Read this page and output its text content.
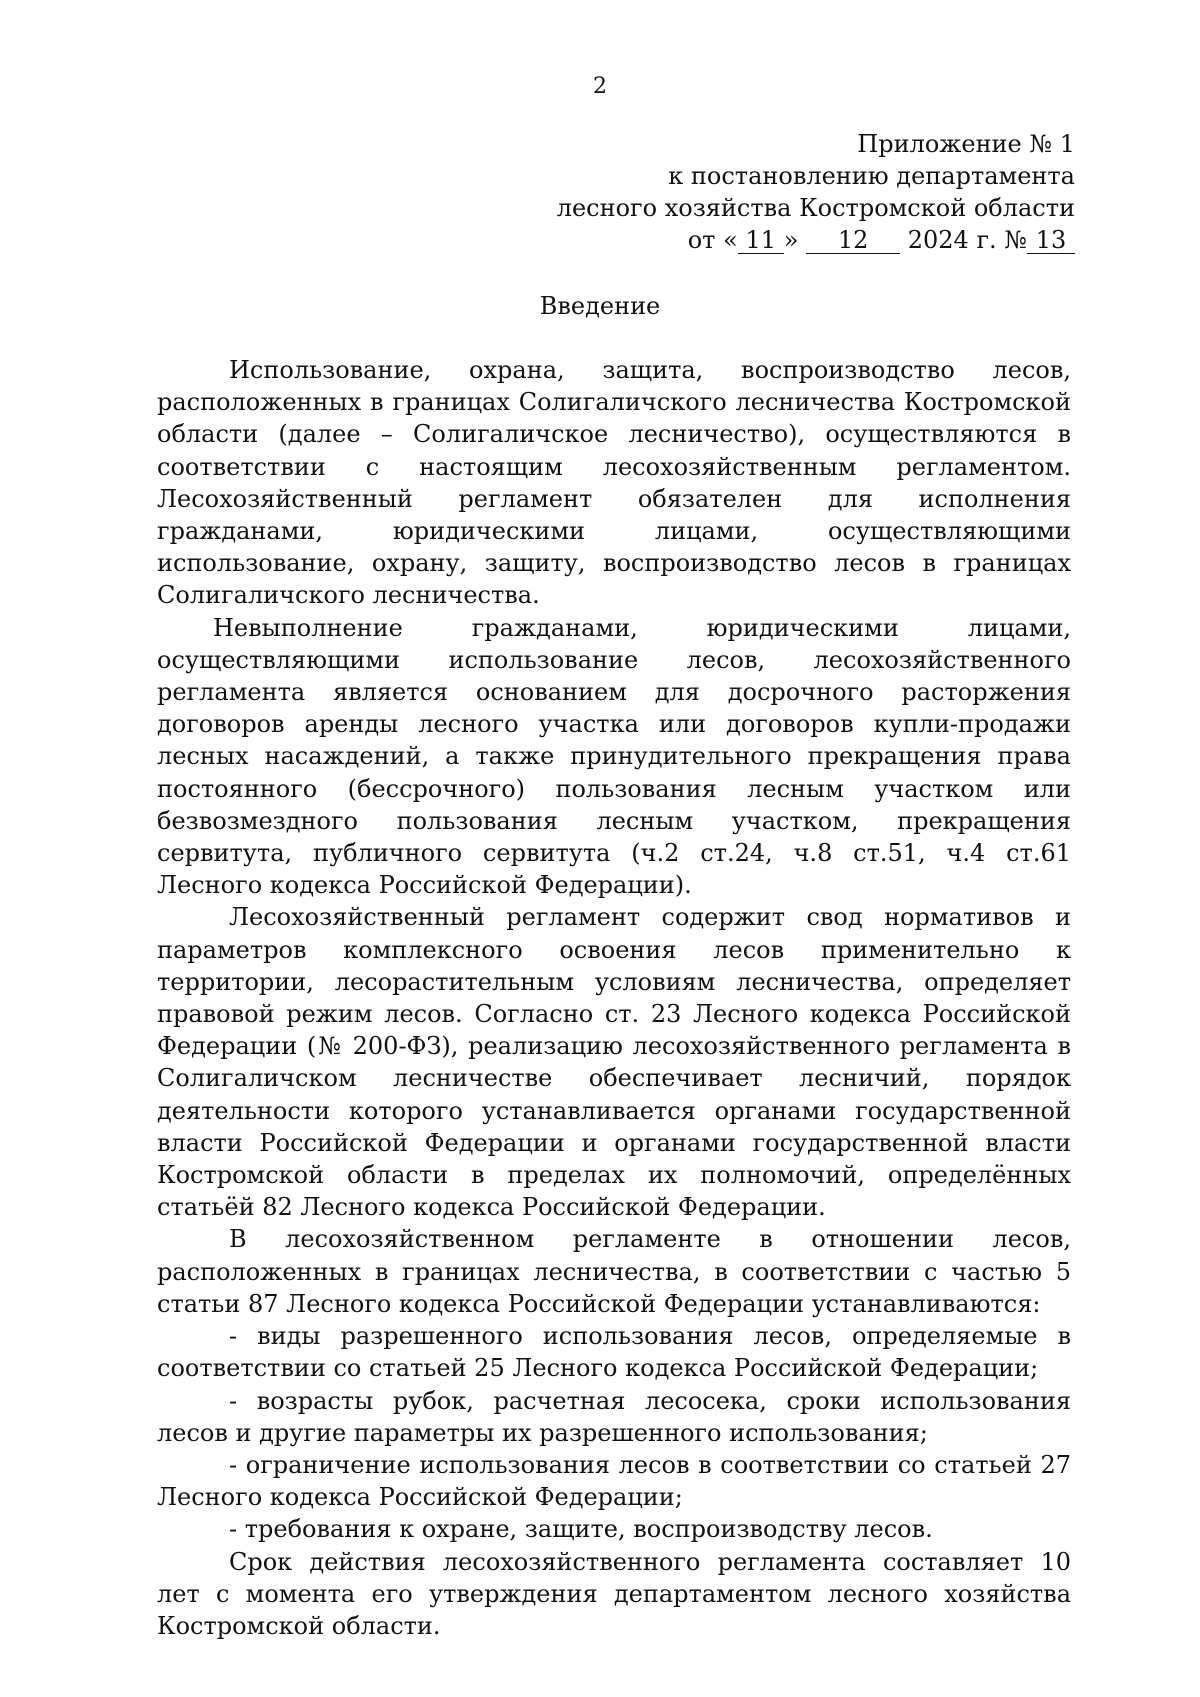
2
Приложение № 1
к постановлению департамента
лесного хозяйства Костромской области
от « 11 » 12 2024 г. № 13
Введение

Использование, охрана, защита, воспроизводство лесов, расположенных в границах Солигаличского лесничества Костромской области (далее – Солигаличское лесничество), осуществляются в соответствии с настоящим лесохозяйственным регламентом. Лесохозяйственный регламент обязателен для исполнения гражданами, юридическими лицами, осуществляющими использование, охрану, защиту, воспроизводство лесов в границах Солигаличского лесничества.

Невыполнение гражданами, юридическими лицами, осуществляющими использование лесов, лесохозяйственного регламента является основанием для досрочного расторжения договоров аренды лесного участка или договоров купли-продажи лесных насаждений, а также принудительного прекращения права постоянного (бессрочного) пользования лесным участком или безвозмездного пользования лесным участком, прекращения сервитута, публичного сервитута (ч.2 ст.24, ч.8 ст.51, ч.4 ст.61 Лесного кодекса Российской Федерации).

Лесохозяйственный регламент содержит свод нормативов и параметров комплексного освоения лесов применительно к территории, лесорастительным условиям лесничества, определяет правовой режим лесов. Согласно ст. 23 Лесного кодекса Российской Федерации (№ 200-ФЗ), реализацию лесохозяйственного регламента в Солигаличском лесничестве обеспечивает лесничий, порядок деятельности которого устанавливается органами государственной власти Российской Федерации и органами государственной власти Костромской области в пределах их полномочий, определённых статьёй 82 Лесного кодекса Российской Федерации.

В лесохозяйственном регламенте в отношении лесов, расположенных в границах лесничества, в соответствии с частью 5 статьи 87 Лесного кодекса Российской Федерации устанавливаются:

- виды разрешенного использования лесов, определяемые в соответствии со статьей 25 Лесного кодекса Российской Федерации;

- возрасты рубок, расчетная лесосека, сроки использования лесов и другие параметры их разрешенного использования;

- ограничение использования лесов в соответствии со статьей 27 Лесного кодекса Российской Федерации;

- требования к охране, защите, воспроизводству лесов.

Срок действия лесохозяйственного регламента составляет 10 лет с момента его утверждения департаментом лесного хозяйства Костромской области.
